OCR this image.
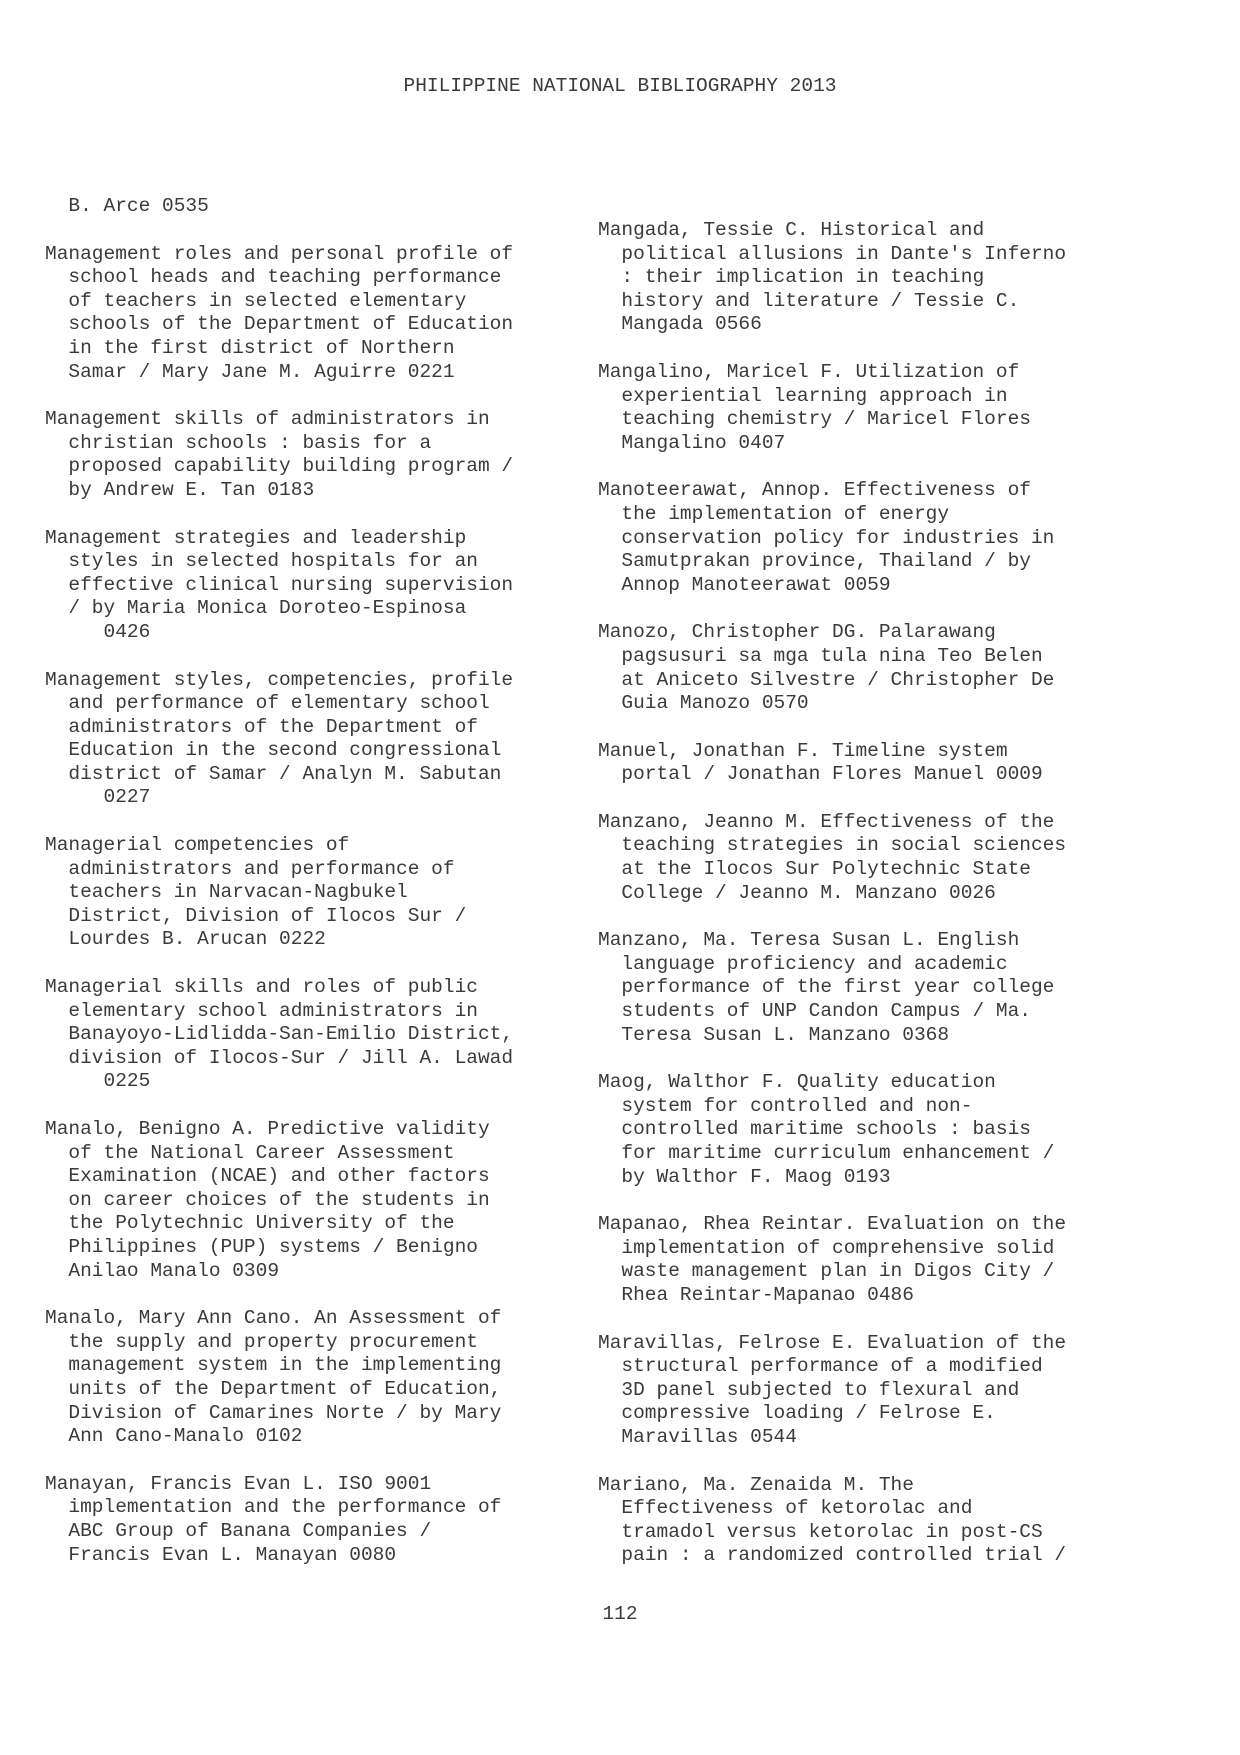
PHILIPPINE NATIONAL BIBLIOGRAPHY 2013
B. Arce 0535
Management roles and personal profile of
school heads and teaching performance
of teachers in selected elementary
schools of the Department of Education
in the first district of Northern
Samar / Mary Jane M. Aguirre 0221
Management skills of administrators in
christian schools : basis for a
proposed capability building program /
by Andrew E. Tan 0183
Management strategies and leadership
styles in selected hospitals for an
effective clinical nursing supervision
/ by Maria Monica Doroteo-Espinosa
0426
Management styles, competencies, profile
and performance of elementary school
administrators of the Department of
Education in the second congressional
district of Samar / Analyn M. Sabutan
0227
Managerial competencies of
administrators and performance of
teachers in Narvacan-Nagbukel
District, Division of Ilocos Sur /
Lourdes B. Arucan 0222
Managerial skills and roles of public
elementary school administrators in
Banayoyo-Lidlidda-San-Emilio District,
division of Ilocos-Sur / Jill A. Lawad
0225
Manalo, Benigno A. Predictive validity
of the National Career Assessment
Examination (NCAE) and other factors
on career choices of the students in
the Polytechnic University of the
Philippines (PUP) systems / Benigno
Anilao Manalo 0309
Manalo, Mary Ann Cano. An Assessment of
the supply and property procurement
management system in the implementing
units of the Department of Education,
Division of Camarines Norte / by Mary
Ann Cano-Manalo 0102
Manayan, Francis Evan L. ISO 9001
implementation and the performance of
ABC Group of Banana Companies /
Francis Evan L. Manayan 0080
Mangada, Tessie C. Historical and
political allusions in Dante's Inferno
: their implication in teaching
history and literature / Tessie C.
Mangada 0566
Mangalino, Maricel F. Utilization of
experiential learning approach in
teaching chemistry / Maricel Flores
Mangalino 0407
Manoteerawat, Annop. Effectiveness of
the implementation of energy
conservation policy for industries in
Samutprakan province, Thailand / by
Annop Manoteerawat 0059
Manozo, Christopher DG. Palarawang
pagsusuri sa mga tula nina Teo Belen
at Aniceto Silvestre / Christopher De
Guia Manozo 0570
Manuel, Jonathan F. Timeline system
portal / Jonathan Flores Manuel 0009
Manzano, Jeanno M. Effectiveness of the
teaching strategies in social sciences
at the Ilocos Sur Polytechnic State
College / Jeanno M. Manzano 0026
Manzano, Ma. Teresa Susan L. English
language proficiency and academic
performance of the first year college
students of UNP Candon Campus / Ma.
Teresa Susan L. Manzano 0368
Maog, Walthor F. Quality education
system for controlled and non-
controlled maritime schools : basis
for maritime curriculum enhancement /
by Walthor F. Maog 0193
Mapanao, Rhea Reintar. Evaluation on the
implementation of comprehensive solid
waste management plan in Digos City /
Rhea Reintar-Mapanao 0486
Maravillas, Felrose E. Evaluation of the
structural performance of a modified
3D panel subjected to flexural and
compressive loading / Felrose E.
Maravillas 0544
Mariano, Ma. Zenaida M. The
Effectiveness of ketorolac and
tramadol versus ketorolac in post-CS
pain : a randomized controlled trial /
112
